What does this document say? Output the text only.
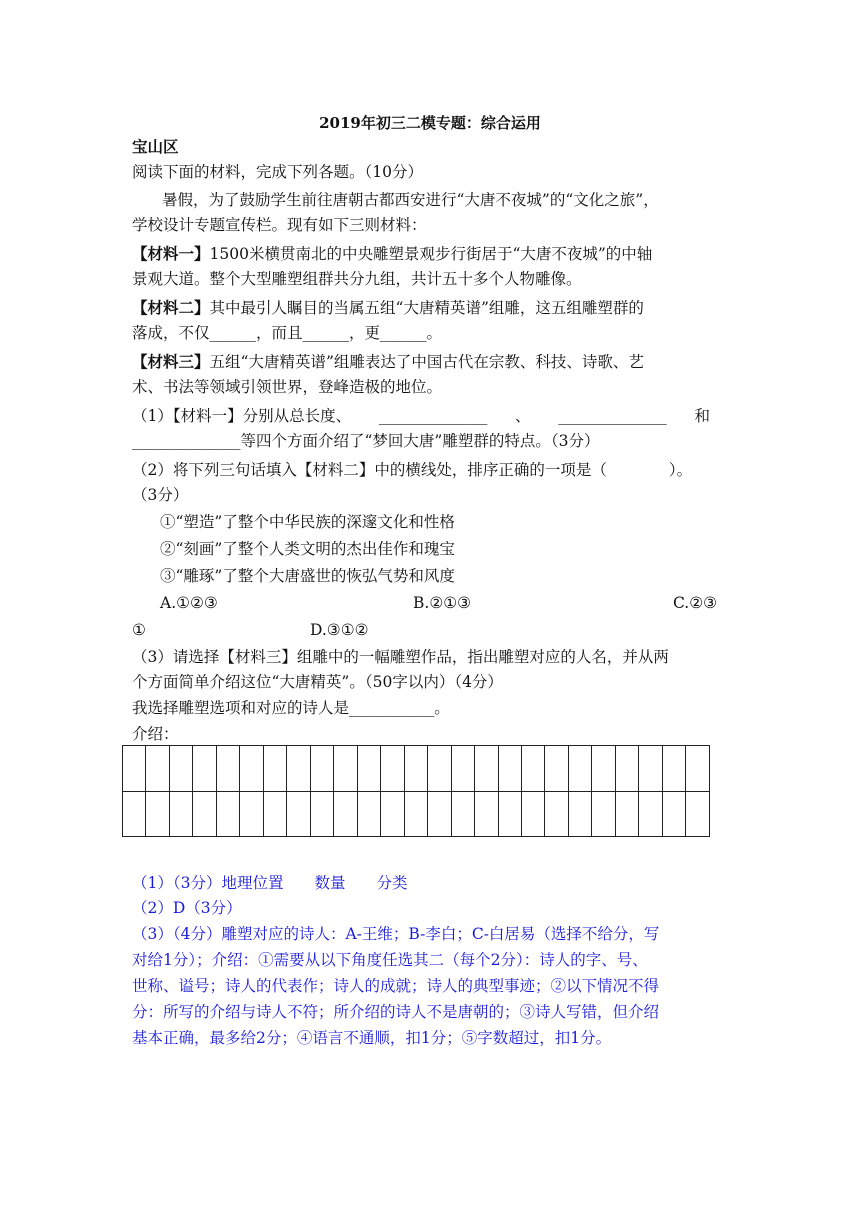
2019年初三二模专题：综合运用
宝山区
阅读下面的材料，完成下列各题。（10分）
暑假，为了鼓励学生前往唐朝古都西安进行“大唐不夜城”的“文化之旅”，
学校设计专题宣传栏。现有如下三则材料：
【材料一】1500米横贯南北的中央雕塑景观步行街居于“大唐不夜城”的中轴
景观大道。整个大型雕塑组群共分九组，共计五十多个人物雕像。
【材料二】其中最引人瞩目的当属五组“大唐精英谱”组雕，这五组雕塑群的
落成，不仅______，而且______，更______。
【材料三】五组“大唐精英谱”组雕表达了中国古代在宗教、科技、诗歌、艺
术、书法等领域引领世界，登峰造极的地位。
（1）【材料一】分别从总长度、 ______________ 、 ______________ 和
______________等四个方面介绍了“梦回大唐”雕塑群的特点。（3分）
（2）将下列三句话填入【材料二】中的横线处，排序正确的一项是（	）。
（3分）
①“塑造”了整个中华民族的深邃文化和性格
②“刻画”了整个人类文明的杰出佳作和瑰宝
③“雕琢”了整个大唐盛世的恢弘气势和风度
A.①②③	B.②①③	C.②③
①	D.③①②
（3）请选择【材料三】组雕中的一幅雕塑作品，指出雕塑对应的人名，并从两
个方面简单介绍这位“大唐精英”。（50字以内）（4分）
我选择雕塑选项和对应的诗人是___________。
介绍：

（1）（3分）地理位置　　数量　　分类
（2）D（3分）
（3）（4分）雕塑对应的诗人：A-王维；B-李白；C-白居易（选择不给分，写
对给1分）；介绍：①需要从以下角度任选其二（每个2分）：诗人的字、号、
世称、谥号；诗人的代表作；诗人的成就；诗人的典型事迹；②以下情况不得
分：所写的介绍与诗人不符；所介绍的诗人不是唐朝的；③诗人写错，但介绍
基本正确，最多给2分；④语言不通顺，扣1分；⑤字数超过，扣1分。
